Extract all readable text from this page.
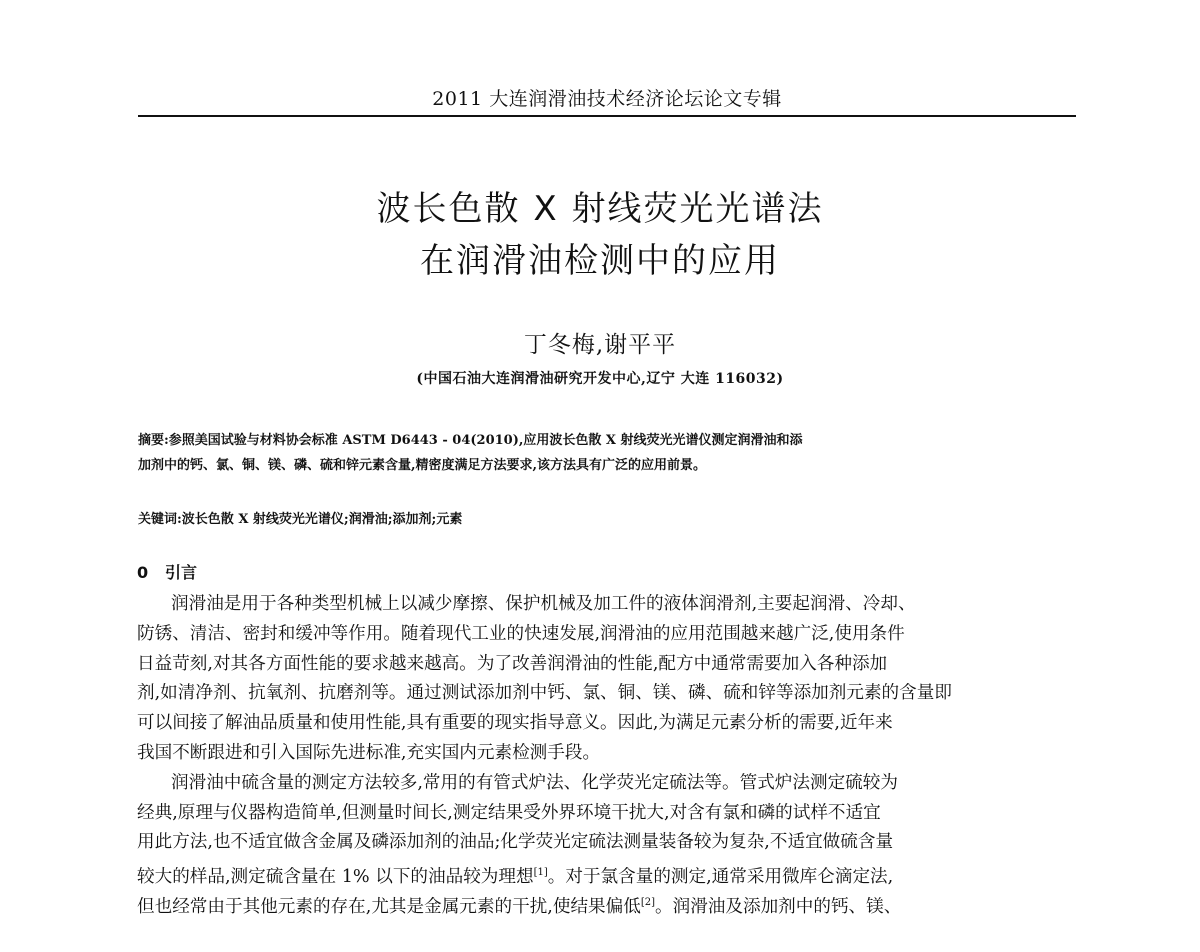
2011 大连润滑油技术经济论坛论文专辑
波长色散 X 射线荧光光谱法
在润滑油检测中的应用
丁冬梅,谢平平
(中国石油大连润滑油研究开发中心,辽宁 大连 116032)
摘要:参照美国试验与材料协会标准 ASTM D6443 - 04(2010),应用波长色散 X 射线荧光光谱仪测定润滑油和添
加剂中的钙、氯、铜、镁、磷、硫和锌元素含量,精密度满足方法要求,该方法具有广泛的应用前景。
关键词:波长色散 X 射线荧光光谱仪;润滑油;添加剂;元素
0 引言
润滑油是用于各种类型机械上以减少摩擦、保护机械及加工件的液体润滑剂,主要起润滑、冷却、
防锈、清洁、密封和缓冲等作用。随着现代工业的快速发展,润滑油的应用范围越来越广泛,使用条件
日益苛刻,对其各方面性能的要求越来越高。为了改善润滑油的性能,配方中通常需要加入各种添加
剂,如清净剂、抗氧剂、抗磨剂等。通过测试添加剂中钙、氯、铜、镁、磷、硫和锌等添加剂元素的含量即
可以间接了解油品质量和使用性能,具有重要的现实指导意义。因此,为满足元素分析的需要,近年来
我国不断跟进和引入国际先进标准,充实国内元素检测手段。
润滑油中硫含量的测定方法较多,常用的有管式炉法、化学荧光定硫法等。管式炉法测定硫较为
经典,原理与仪器构造简单,但测量时间长,测定结果受外界环境干扰大,对含有氯和磷的试样不适宜
用此方法,也不适宜做含金属及磷添加剂的油品;化学荧光定硫法测量装备较为复杂,不适宜做硫含量
较大的样品,测定硫含量在 1% 以下的油品较为理想[1]。对于氯含量的测定,通常采用微库仑滴定法,
但也经常由于其他元素的存在,尤其是金属元素的干扰,使结果偏低[2]。润滑油及添加剂中的钙、镁、
